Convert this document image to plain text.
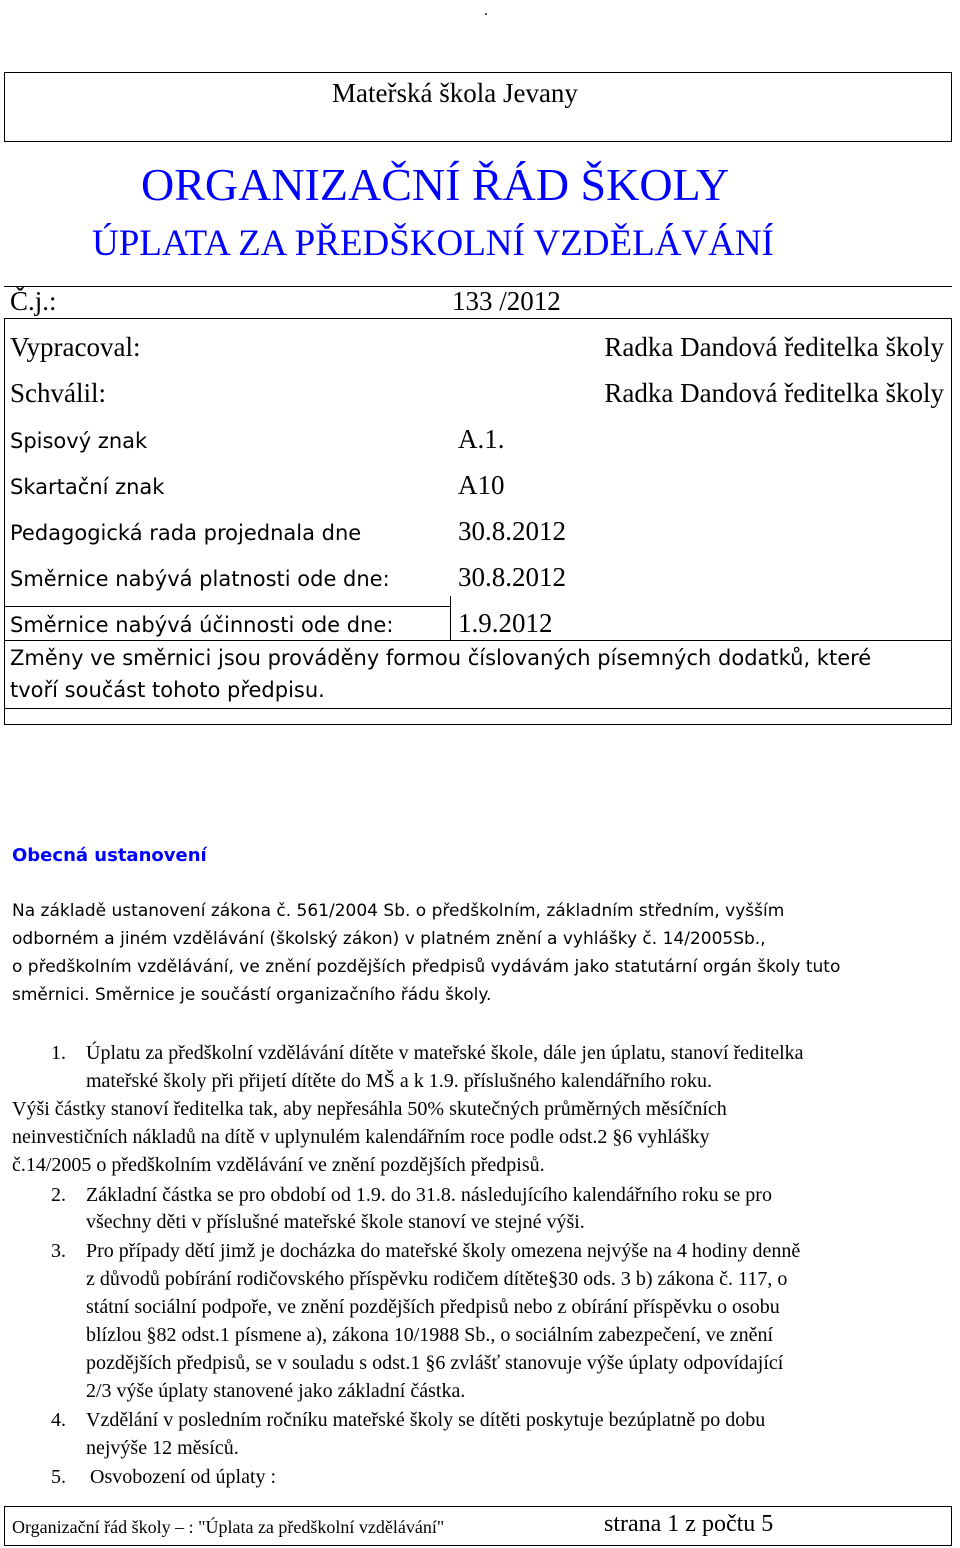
.
Mateřská škola Jevany
ORGANIZAČNÍ ŘÁD ŠKOLY
ÚPLATA ZA PŘEDŠKOLNÍ VZDĚLÁVÁNÍ
Č.j.:	133 /2012
Vypracoval:	Radka Dandová ředitelka školy
Schválil:	Radka Dandová ředitelka školy
Spisový znak	A.1.
Skartační znak	A10
Pedagogická rada projednala dne	30.8.2012
Směrnice nabývá platnosti ode dne:	30.8.2012
Směrnice nabývá účinnosti ode dne: 1.9.2012
Změny ve směrnici jsou prováděny formou číslovaných písemných dodatků, které
tvoří součást tohoto předpisu.
Obecná ustanovení
Na základě ustanovení zákona č. 561/2004 Sb. o předškolním, základním středním, vyšším
odborném a jiném vzdělávání (školský zákon) v platném znění a vyhlášky č. 14/2005Sb.,
o předškolním vzdělávání, ve znění pozdějších předpisů vydávám jako statutární orgán školy tuto
směrnici. Směrnice je součástí organizačního řádu školy.
1. Úplatu za předškolní vzdělávání dítěte v mateřské škole, dále jen úplatu, stanoví ředitelka
mateřské školy při přijetí dítěte do MŠ a k 1.9. příslušného kalendářního roku.
Výši částky stanoví ředitelka tak, aby nepřesáhla 50% skutečných průměrných měsíčních
neinvestičních nákladů na dítě v uplynulém kalendářním roce podle odst.2 §6 vyhlášky
č.14/2005 o předškolním vzdělávání ve znění pozdějších předpisů.
2. Základní částka se pro období od 1.9. do 31.8. následujícího kalendářního roku se pro
všechny děti v příslušné mateřské škole stanoví ve stejné výši.
3. Pro případy dětí jimž je docházka do mateřské školy omezena nejvýše na 4 hodiny denně
z důvodů pobírání rodičovského příspěvku rodičem dítěte§30 ods. 3 b) zákona č. 117, o
státní sociální podpoře, ve znění pozdějších předpisů nebo z obírání příspěvku o osobu
blízlou §82 odst.1 písmene a), zákona 10/1988 Sb., o sociálním zabezpečení, ve znění
pozdějších předpisů, se v souladu s odst.1 §6 zvlášť stanovuje výše úplaty odpovídající
2/3 výše úplaty stanovené jako základní částka.
4. Vzdělání v posledním ročníku mateřské školy se dítěti poskytuje bezúplatně po dobu
nejvýše 12 měsíců.
5. Osvobození od úplaty :
Organizační řád školy – : "Úplata za předškolní vzdělávání"	strana 1 z počtu 5
